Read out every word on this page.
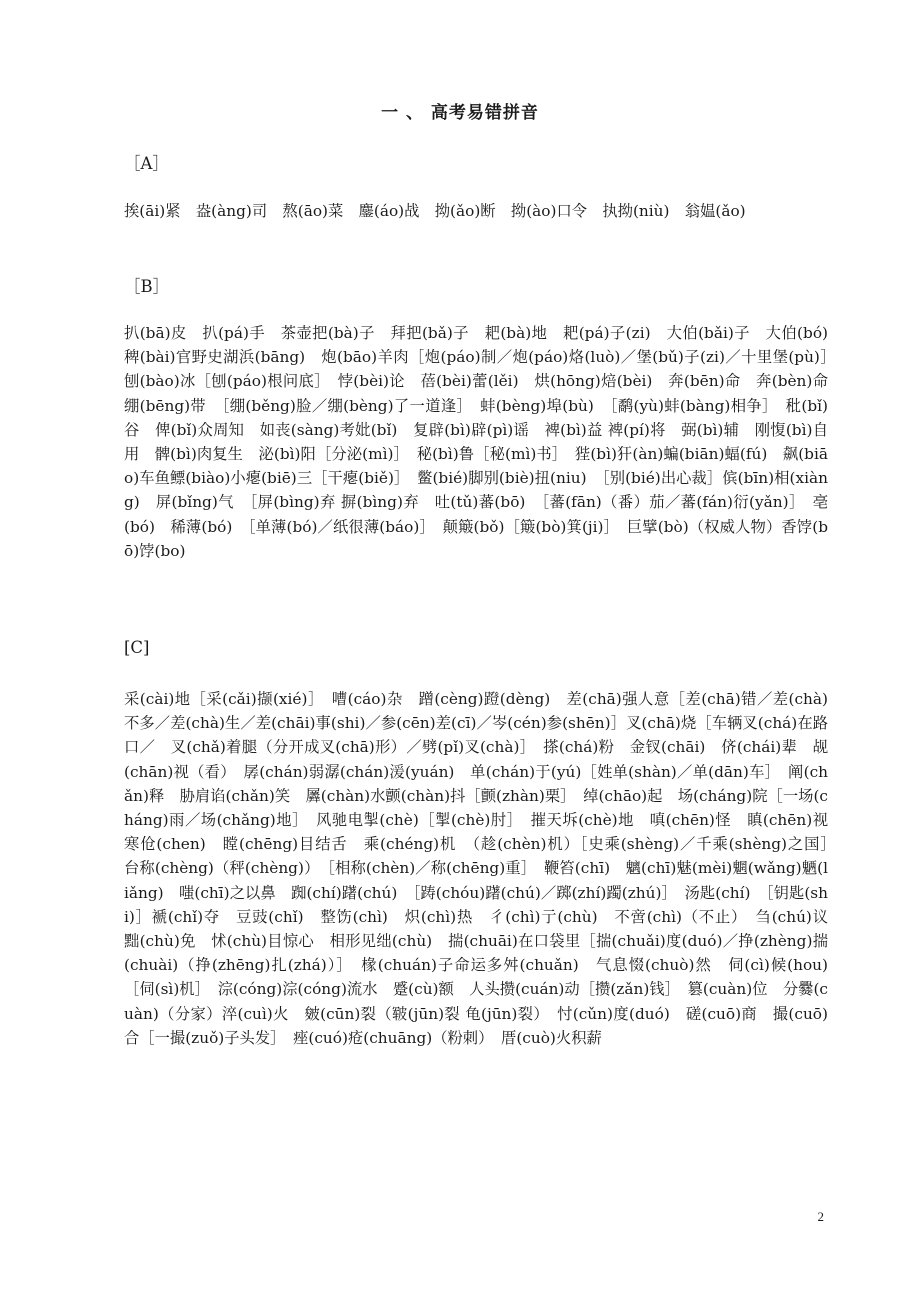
一 、 高考易错拼音

［A］

挨(āi)紧　盎(àng)司　熬(āo)菜　鏖(áo)战　拗(ǎo)断　拗(ào)口令　执拗(niù)　翁媪(ǎo)

［B］

扒(bā)皮　扒(pá)手　茶壶把(bà)子　拜把(bǎ)子　耙(bà)地　耙(pá)子(zi)　大伯(bǎi)子　大伯(bó)　稗(bài)官野史湖浜(bāng)　炮(bāo)羊肉［炮(páo)制／炮(páo)烙(luò)／堡(bǔ)子(zi)／十里堡(pù)］　刨(bào)冰［刨(páo)根问底］　悖(bèi)论　蓓(bèi)蕾(lěi)　烘(hōng)焙(bèi)　奔(bēn)命　奔(bèn)命　绷(bēng)带　［绷(běng)脸／绷(bèng)了一道逢］　蚌(bèng)埠(bù)　［鹬(yù)蚌(bàng)相争］　秕(bǐ)谷　俾(bǐ)众周知　如丧(sàng)考妣(bǐ)　复辟(bì)辟(pì)谣　裨(bì)益 裨(pí)将　弼(bì)辅　刚愎(bì)自用　髀(bì)肉复生　泌(bì)阳［分泌(mì)］　秘(bì)鲁［秘(mì)书］　狴(bì)犴(àn)蝙(biān)蝠(fú)　飙(biāo)车鱼鳔(biào)小瘪(biē)三［干瘪(biě)］　鳖(bié)脚别(biè)扭(niu)　［别(bié)出心裁］傧(bīn)相(xiàng)　屏(bǐng)气　［屏(bìng)弃 摒(bìng)弃　吐(tǔ)蕃(bō)　［蕃(fān)（番）茄／蕃(fán)衍(yǎn)］　亳(bó)　稀薄(bó)　［单薄(bó)／纸很薄(báo)］　颠簸(bǒ)［簸(bò)箕(ji)］　巨擘(bò)（权威人物）香饽(bō)饽(bo)

[C]

采(cài)地［采(cǎi)撷(xié)］　嘈(cáo)杂　蹭(cèng)蹬(dèng)　差(chā)强人意［差(chā)错／差(chà)不多／差(chà)生／差(chāi)事(shi)／参(cēn)差(cī)／岑(cén)参(shēn)］叉(chā)烧［车辆叉(chá)在路口／　叉(chǎ)着腿（分开成叉(chā)形）／劈(pǐ)叉(chà)］　搽(chá)粉　金钗(chāi)　侪(chái)辈　觇(chān)视（看）　孱(chán)弱潺(chán)湲(yuán)　单(chán)于(yú)［姓单(shàn)／单(dān)车］　阐(chǎn)释　胁肩谄(chǎn)笑　羼(chàn)水颤(chàn)抖［颤(zhàn)栗］　绰(chāo)起　场(cháng)院［一场(cháng)雨／场(chǎng)地］　风驰电掣(chè)［掣(chè)肘］　摧天坼(chè)地　嗔(chēn)怪　瞋(chēn)视　寒伧(chen)　瞠(chēng)目结舌　乘(chéng)机　（趁(chèn)机）［史乘(shèng)／千乘(shèng)之国］　台称(chèng)（秤(chèng)）　［相称(chèn)／称(chēng)重］　鞭笞(chī)　魑(chī)魅(mèi)魍(wǎng)魉(liǎng)　嗤(chī)之以鼻　踟(chí)躇(chú)　［踌(chóu)躇(chú)／踯(zhí)躅(zhú)］　汤匙(chí)　［钥匙(shi)］褫(chǐ)夺　豆豉(chǐ)　整饬(chì)　炽(chì)热　彳(chì)亍(chù)　不啻(chì)（不止）　刍(chú)议　黜(chù)免　怵(chù)目惊心　相形见绌(chù)　揣(chuāi)在口袋里［揣(chuǎi)度(duó)／挣(zhèng)揣(chuài)（挣(zhēng)扎(zhá)）］　椽(chuán)子命运多舛(chuǎn)　气息惙(chuò)然　伺(cì)候(hou)　［伺(sì)机］　淙(cóng)淙(cóng)流水　蹙(cù)额　人头攒(cuán)动［攒(zǎn)钱］　篡(cuàn)位　分爨(cuàn)（分家）淬(cuì)火　皴(cūn)裂（皲(jūn)裂 龟(jūn)裂）　忖(cǔn)度(duó)　磋(cuō)商　撮(cuō)合［一撮(zuǒ)子头发］　痤(cuó)疮(chuāng)（粉刺）　厝(cuò)火积薪

2
